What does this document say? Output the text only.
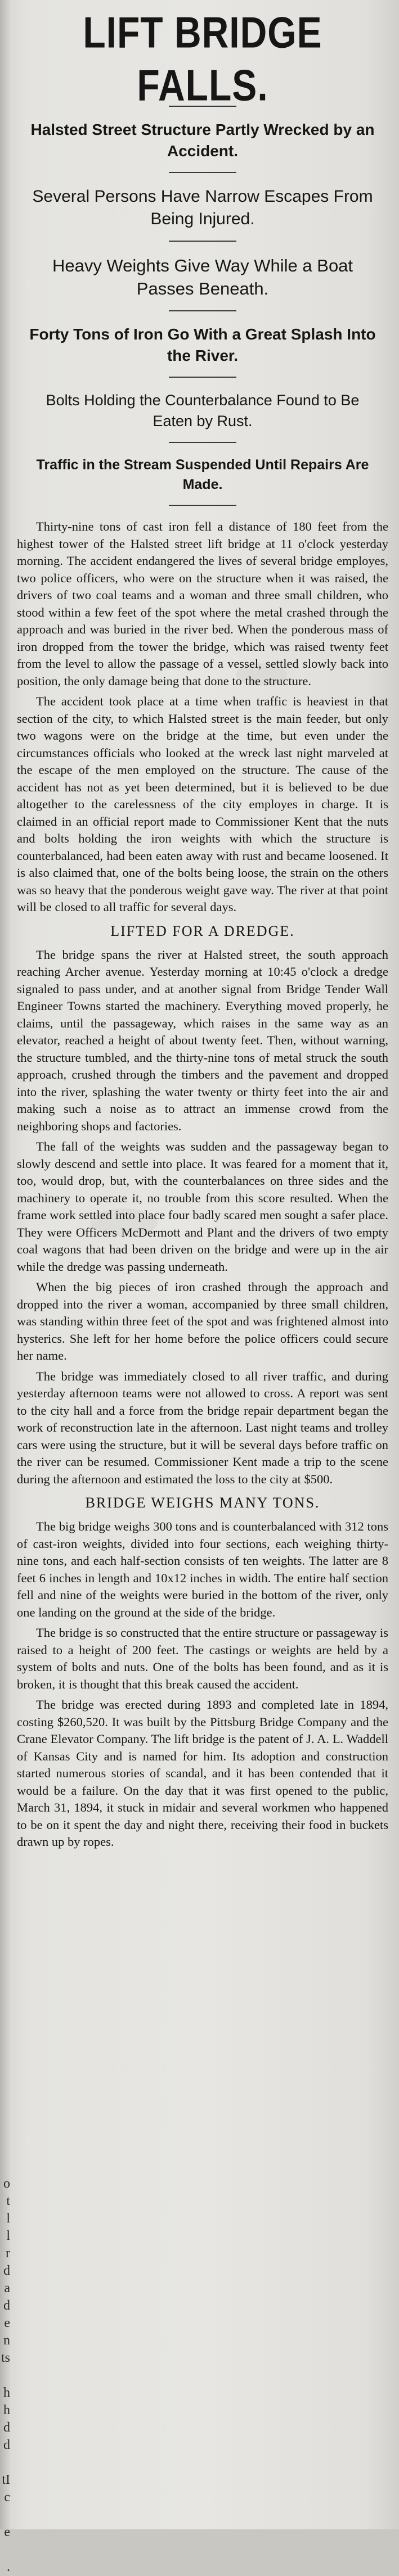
o
t
l
l
r
d
a
d
e
n
ts

h
h
d
d

tI
c

e

.
LIFT BRIDGE FALLS.
Halsted Street Structure Partly Wrecked by an Accident.
Several Persons Have Narrow Escapes From Being Injured.
Heavy Weights Give Way While a Boat Passes Beneath.
Forty Tons of Iron Go With a Great Splash Into the River.
Bolts Holding the Counterbalance Found to Be Eaten by Rust.
Traffic in the Stream Suspended Until Repairs Are Made.

Thirty-nine tons of cast iron fell a distance of 180 feet from the highest tower of the Halsted street lift bridge at 11 o'clock yesterday morning. The accident endangered the lives of several bridge employes, two police officers, who were on the structure when it was raised, the drivers of two coal teams and a woman and three small children, who stood within a few feet of the spot where the metal crashed through the approach and was buried in the river bed. When the ponderous mass of iron dropped from the tower the bridge, which was raised twenty feet from the level to allow the passage of a vessel, settled slowly back into position, the only damage being that done to the structure.

The accident took place at a time when traffic is heaviest in that section of the city, to which Halsted street is the main feeder, but only two wagons were on the bridge at the time, but even under the circumstances officials who looked at the wreck last night marveled at the escape of the men employed on the structure. The cause of the accident has not as yet been determined, but it is believed to be due altogether to the carelessness of the city employes in charge. It is claimed in an official report made to Commissioner Kent that the nuts and bolts holding the iron weights with which the structure is counterbalanced, had been eaten away with rust and became loosened. It is also claimed that, one of the bolts being loose, the strain on the others was so heavy that the ponderous weight gave way. The river at that point will be closed to all traffic for several days.

LIFTED FOR A DREDGE.

The bridge spans the river at Halsted street, the south approach reaching Archer avenue. Yesterday morning at 10:45 o'clock a dredge signaled to pass under, and at another signal from Bridge Tender Wall Engineer Towns started the machinery. Everything moved properly, he claims, until the passageway, which raises in the same way as an elevator, reached a height of about twenty feet. Then, without warning, the structure tumbled, and the thirty-nine tons of metal struck the south approach, crushed through the timbers and the pavement and dropped into the river, splashing the water twenty or thirty feet into the air and making such a noise as to attract an immense crowd from the neighboring shops and factories.

The fall of the weights was sudden and the passageway began to slowly descend and settle into place. It was feared for a moment that it, too, would drop, but, with the counterbalances on three sides and the machinery to operate it, no trouble from this score resulted. When the frame work settled into place four badly scared men sought a safer place. They were Officers McDermott and Plant and the drivers of two empty coal wagons that had been driven on the bridge and were up in the air while the dredge was passing underneath.

When the big pieces of iron crashed through the approach and dropped into the river a woman, accompanied by three small children, was standing within three feet of the spot and was frightened almost into hysterics. She left for her home before the police officers could secure her name.

The bridge was immediately closed to all river traffic, and during yesterday afternoon teams were not allowed to cross. A report was sent to the city hall and a force from the bridge repair department began the work of reconstruction late in the afternoon. Last night teams and trolley cars were using the structure, but it will be several days before traffic on the river can be resumed. Commissioner Kent made a trip to the scene during the afternoon and estimated the loss to the city at $500.

BRIDGE WEIGHS MANY TONS.

The big bridge weighs 300 tons and is counterbalanced with 312 tons of cast-iron weights, divided into four sections, each weighing thirty-nine tons, and each half-section consists of ten weights. The latter are 8 feet 6 inches in length and 10x12 inches in width. The entire half section fell and nine of the weights were buried in the bottom of the river, only one landing on the ground at the side of the bridge.

The bridge is so constructed that the entire structure or passageway is raised to a height of 200 feet. The castings or weights are held by a system of bolts and nuts. One of the bolts has been found, and as it is broken, it is thought that this break caused the accident.

The bridge was erected during 1893 and completed late in 1894, costing $260,520. It was built by the Pittsburg Bridge Company and the Crane Elevator Company. The lift bridge is the patent of J. A. L. Waddell of Kansas City and is named for him. Its adoption and construction started numerous stories of scandal, and it has been contended that it would be a failure. On the day that it was first opened to the public, March 31, 1894, it stuck in midair and several workmen who happened to be on it spent the day and night there, receiving their food in buckets drawn up by ropes.
